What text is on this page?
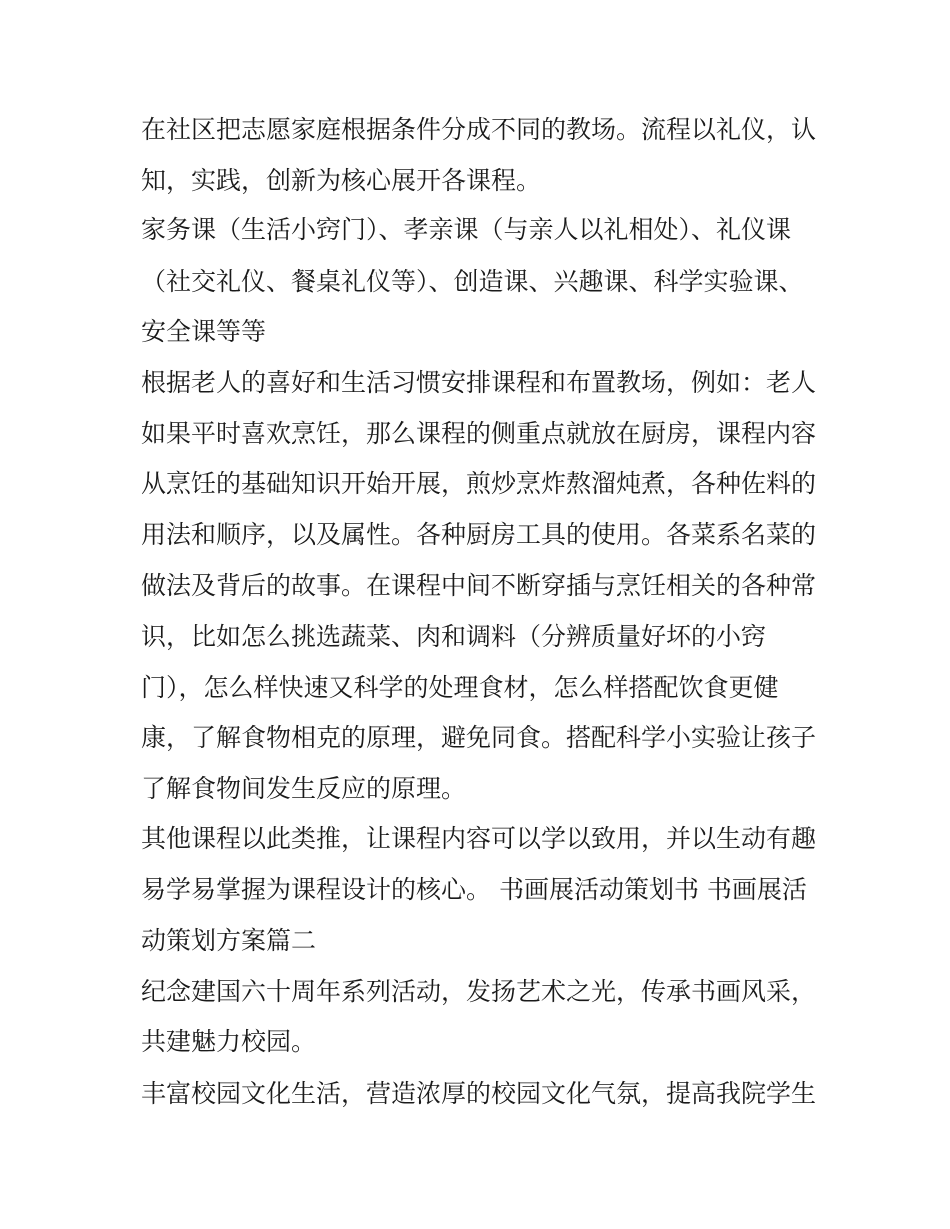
在社区把志愿家庭根据条件分成不同的教场。流程以礼仪，认

知，实践，创新为核心展开各课程。

家务课（生活小窍门）、孝亲课（与亲人以礼相处）、礼仪课

（社交礼仪、餐桌礼仪等）、创造课、兴趣课、科学实验课、

安全课等等

根据老人的喜好和生活习惯安排课程和布置教场，例如：老人

如果平时喜欢烹饪，那么课程的侧重点就放在厨房，课程内容

从烹饪的基础知识开始开展，煎炒烹炸熬溜炖煮，各种佐料的

用法和顺序，以及属性。各种厨房工具的使用。各菜系名菜的

做法及背后的故事。在课程中间不断穿插与烹饪相关的各种常

识，比如怎么挑选蔬菜、肉和调料（分辨质量好坏的小窍

门），怎么样快速又科学的处理食材，怎么样搭配饮食更健

康，了解食物相克的原理，避免同食。搭配科学小实验让孩子

了解食物间发生反应的原理。

其他课程以此类推，让课程内容可以学以致用，并以生动有趣

易学易掌握为课程设计的核心。 书画展活动策划书 书画展活

动策划方案篇二

纪念建国六十周年系列活动，发扬艺术之光，传承书画风采，

共建魅力校园。

丰富校园文化生活，营造浓厚的校园文化气氛，提高我院学生
